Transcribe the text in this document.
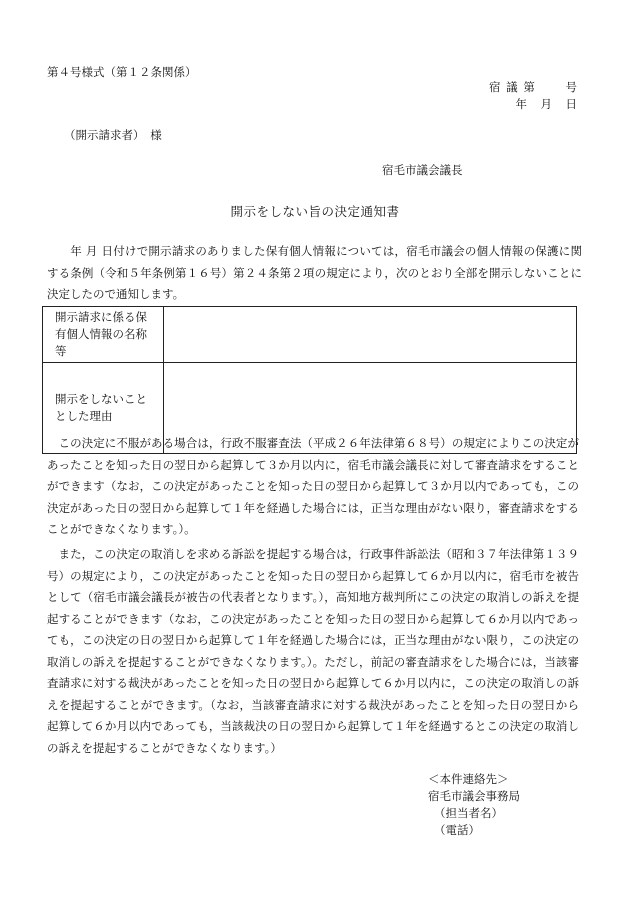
第４号様式（第１２条関係）
宿 議 第　　 号
年　月　日
（開示請求者）　様
宿毛市議会議長
開示をしない旨の決定通知書
  年 月 日付けで開示請求のありました保有個人情報については，宿毛市議会の個人情報の保護に関する条例（令和５年条例第１６号）第２４条第２項の規定により，次のとおり全部を開示しないことに決定したので通知します。
開示請求に係る保有個人情報の名称等	
開示をしないこととした理由	
この決定に不服がある場合は，行政不服審査法（平成２６年法律第６８号）の規定によりこの決定があったことを知った日の翌日から起算して３か月以内に，宿毛市議会議長に対して審査請求をすることができます（なお，この決定があったことを知った日の翌日から起算して３か月以内であっても，この決定があった日の翌日から起算して１年を経過した場合には，正当な理由がない限り，審査請求をすることができなくなります。）。
また，この決定の取消しを求める訴訟を提起する場合は，行政事件訴訟法（昭和３７年法律第１３９号）の規定により，この決定があったことを知った日の翌日から起算して６か月以内に，宿毛市を被告として（宿毛市議会議長が被告の代表者となります。），高知地方裁判所にこの決定の取消しの訴えを提起することができます（なお，この決定があったことを知った日の翌日から起算して６か月以内であっても，この決定の日の翌日から起算して１年を経過した場合には，正当な理由がない限り，この決定の取消しの訴えを提起することができなくなります。）。ただし，前記の審査請求をした場合には，当該審査請求に対する裁決があったことを知った日の翌日から起算して６か月以内に，この決定の取消しの訴えを提起することができます。（なお，当該審査請求に対する裁決があったことを知った日の翌日から起算して６か月以内であっても，当該裁決の日の翌日から起算して１年を経過するとこの決定の取消しの訴えを提起することができなくなります。）
＜本件連絡先＞
宿毛市議会事務局
（担当者名）
（電話）
